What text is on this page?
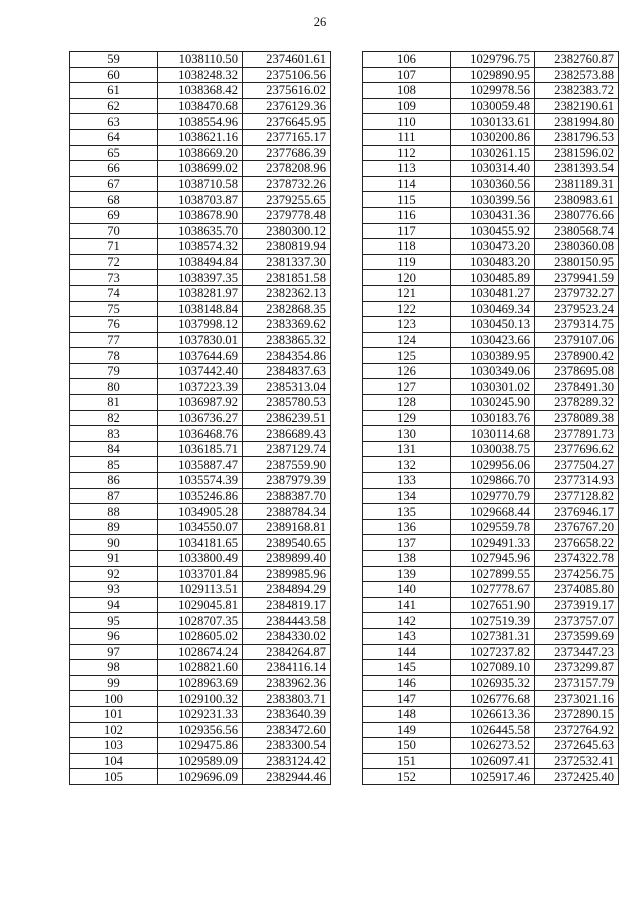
26
59	1038110.50	2374601.61
60	1038248.32	2375106.56
61	1038368.42	2375616.02
62	1038470.68	2376129.36
63	1038554.96	2376645.95
64	1038621.16	2377165.17
65	1038669.20	2377686.39
66	1038699.02	2378208.96
67	1038710.58	2378732.26
68	1038703.87	2379255.65
69	1038678.90	2379778.48
70	1038635.70	2380300.12
71	1038574.32	2380819.94
72	1038494.84	2381337.30
73	1038397.35	2381851.58
74	1038281.97	2382362.13
75	1038148.84	2382868.35
76	1037998.12	2383369.62
77	1037830.01	2383865.32
78	1037644.69	2384354.86
79	1037442.40	2384837.63
80	1037223.39	2385313.04
81	1036987.92	2385780.53
82	1036736.27	2386239.51
83	1036468.76	2386689.43
84	1036185.71	2387129.74
85	1035887.47	2387559.90
86	1035574.39	2387979.39
87	1035246.86	2388387.70
88	1034905.28	2388784.34
89	1034550.07	2389168.81
90	1034181.65	2389540.65
91	1033800.49	2389899.40
92	1033701.84	2389985.96
93	1029113.51	2384894.29
94	1029045.81	2384819.17
95	1028707.35	2384443.58
96	1028605.02	2384330.02
97	1028674.24	2384264.87
98	1028821.60	2384116.14
99	1028963.69	2383962.36
100	1029100.32	2383803.71
101	1029231.33	2383640.39
102	1029356.56	2383472.60
103	1029475.86	2383300.54
104	1029589.09	2383124.42
105	1029696.09	2382944.46
106	1029796.75	2382760.87
107	1029890.95	2382573.88
108	1029978.56	2382383.72
109	1030059.48	2382190.61
110	1030133.61	2381994.80
111	1030200.86	2381796.53
112	1030261.15	2381596.02
113	1030314.40	2381393.54
114	1030360.56	2381189.31
115	1030399.56	2380983.61
116	1030431.36	2380776.66
117	1030455.92	2380568.74
118	1030473.20	2380360.08
119	1030483.20	2380150.95
120	1030485.89	2379941.59
121	1030481.27	2379732.27
122	1030469.34	2379523.24
123	1030450.13	2379314.75
124	1030423.66	2379107.06
125	1030389.95	2378900.42
126	1030349.06	2378695.08
127	1030301.02	2378491.30
128	1030245.90	2378289.32
129	1030183.76	2378089.38
130	1030114.68	2377891.73
131	1030038.75	2377696.62
132	1029956.06	2377504.27
133	1029866.70	2377314.93
134	1029770.79	2377128.82
135	1029668.44	2376946.17
136	1029559.78	2376767.20
137	1029491.33	2376658.22
138	1027945.96	2374322.78
139	1027899.55	2374256.75
140	1027778.67	2374085.80
141	1027651.90	2373919.17
142	1027519.39	2373757.07
143	1027381.31	2373599.69
144	1027237.82	2373447.23
145	1027089.10	2373299.87
146	1026935.32	2373157.79
147	1026776.68	2373021.16
148	1026613.36	2372890.15
149	1026445.58	2372764.92
150	1026273.52	2372645.63
151	1026097.41	2372532.41
152	1025917.46	2372425.40
